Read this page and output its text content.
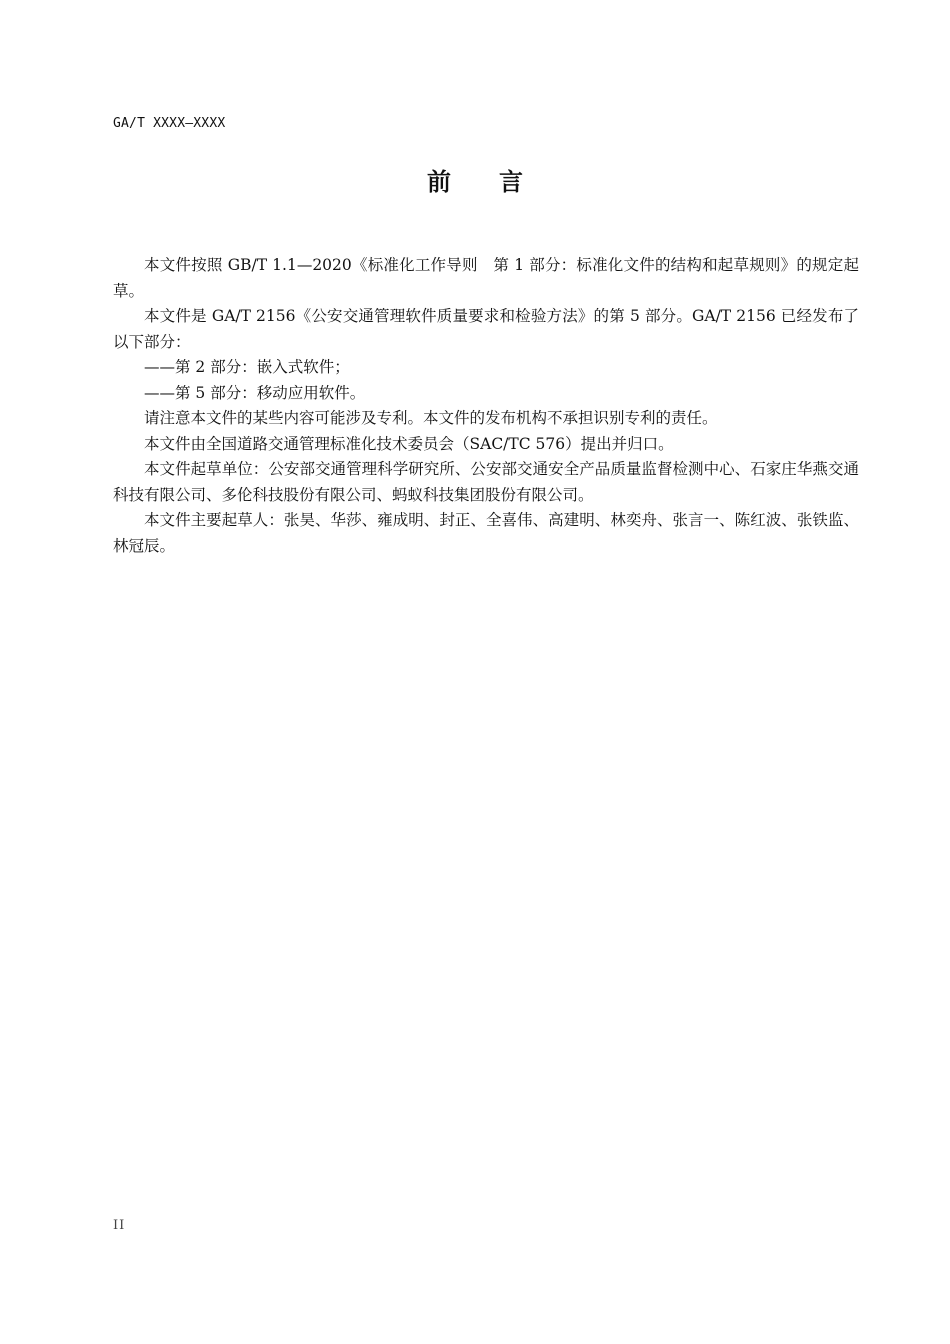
GA/T XXXX—XXXX
前 言

本文件按照 GB/T 1.1—2020《标准化工作导则　第 1 部分：标准化文件的结构和起草规则》的规定起草。

本文件是 GA/T 2156《公安交通管理软件质量要求和检验方法》的第 5 部分。GA/T 2156 已经发布了以下部分：

——第 2 部分：嵌入式软件；

——第 5 部分：移动应用软件。

请注意本文件的某些内容可能涉及专利。本文件的发布机构不承担识别专利的责任。

本文件由全国道路交通管理标准化技术委员会（SAC/TC 576）提出并归口。

本文件起草单位：公安部交通管理科学研究所、公安部交通安全产品质量监督检测中心、石家庄华燕交通科技有限公司、多伦科技股份有限公司、蚂蚁科技集团股份有限公司。

本文件主要起草人：张昊、华莎、雍成明、封正、全喜伟、高建明、林奕舟、张言一、陈红波、张铁监、林冠辰。

II
